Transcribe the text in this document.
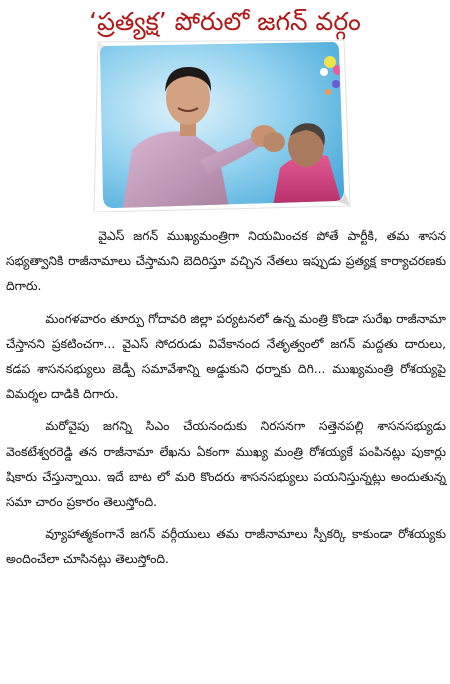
‘ప్రత్యక్ష’ పోరులో జగన్ వర్గం

వైఎస్ జగన్ ముఖ్యమంత్రిగా నియమించక పోతే పార్టీకి, తమ శాసన సభ్యత్వానికి రాజీనామాలు చేస్తామని బెదిరిస్తూ వచ్చిన నేతలు ఇప్పుడు ప్రత్యక్ష కార్యాచరణకు దిగారు.

మంగళవారం తూర్పు గోదావరి జిల్లా పర్యటనలో ఉన్న మంత్రి కొండా సురేఖ రాజీనామా చేస్తానని ప్రకటించగా... వైఎస్ సోదరుడు వివేకానంద నేతృత్వంలో జగన్ మద్దతు దారులు, కడప శాసనసభ్యులు జెడ్పీ సమావేశాన్ని అడ్డుకుని ధర్నాకు దిగి... ముఖ్యమంత్రి రోశయ్యపై విమర్శల దాడికి దిగారు.

మరోవైపు జగన్ని సిఎం చేయనందుకు నిరసనగా సత్తెనపల్లి శాసనసభ్యుడు వెంకటేశ్వరరెడ్డి తన రాజీనామా లేఖను ఏకంగా ముఖ్య మంత్రి రోశయ్యకే పంపినట్లు పుకార్లు షికారు చేస్తున్నాయి. ఇదే బాట లో మరి కొందరు శాసనసభ్యులు పయనిస్తున్నట్లు అందుతున్న సమా చారం ప్రకారం తెలుస్తోంది.

వ్యూహాత్మకంగానే జగన్ వర్గీయులు తమ రాజీనామాలు స్పీకర్కి కాకుండా రోశయ్యకు అందించేలా చూసినట్లు తెలుస్తోంది.
